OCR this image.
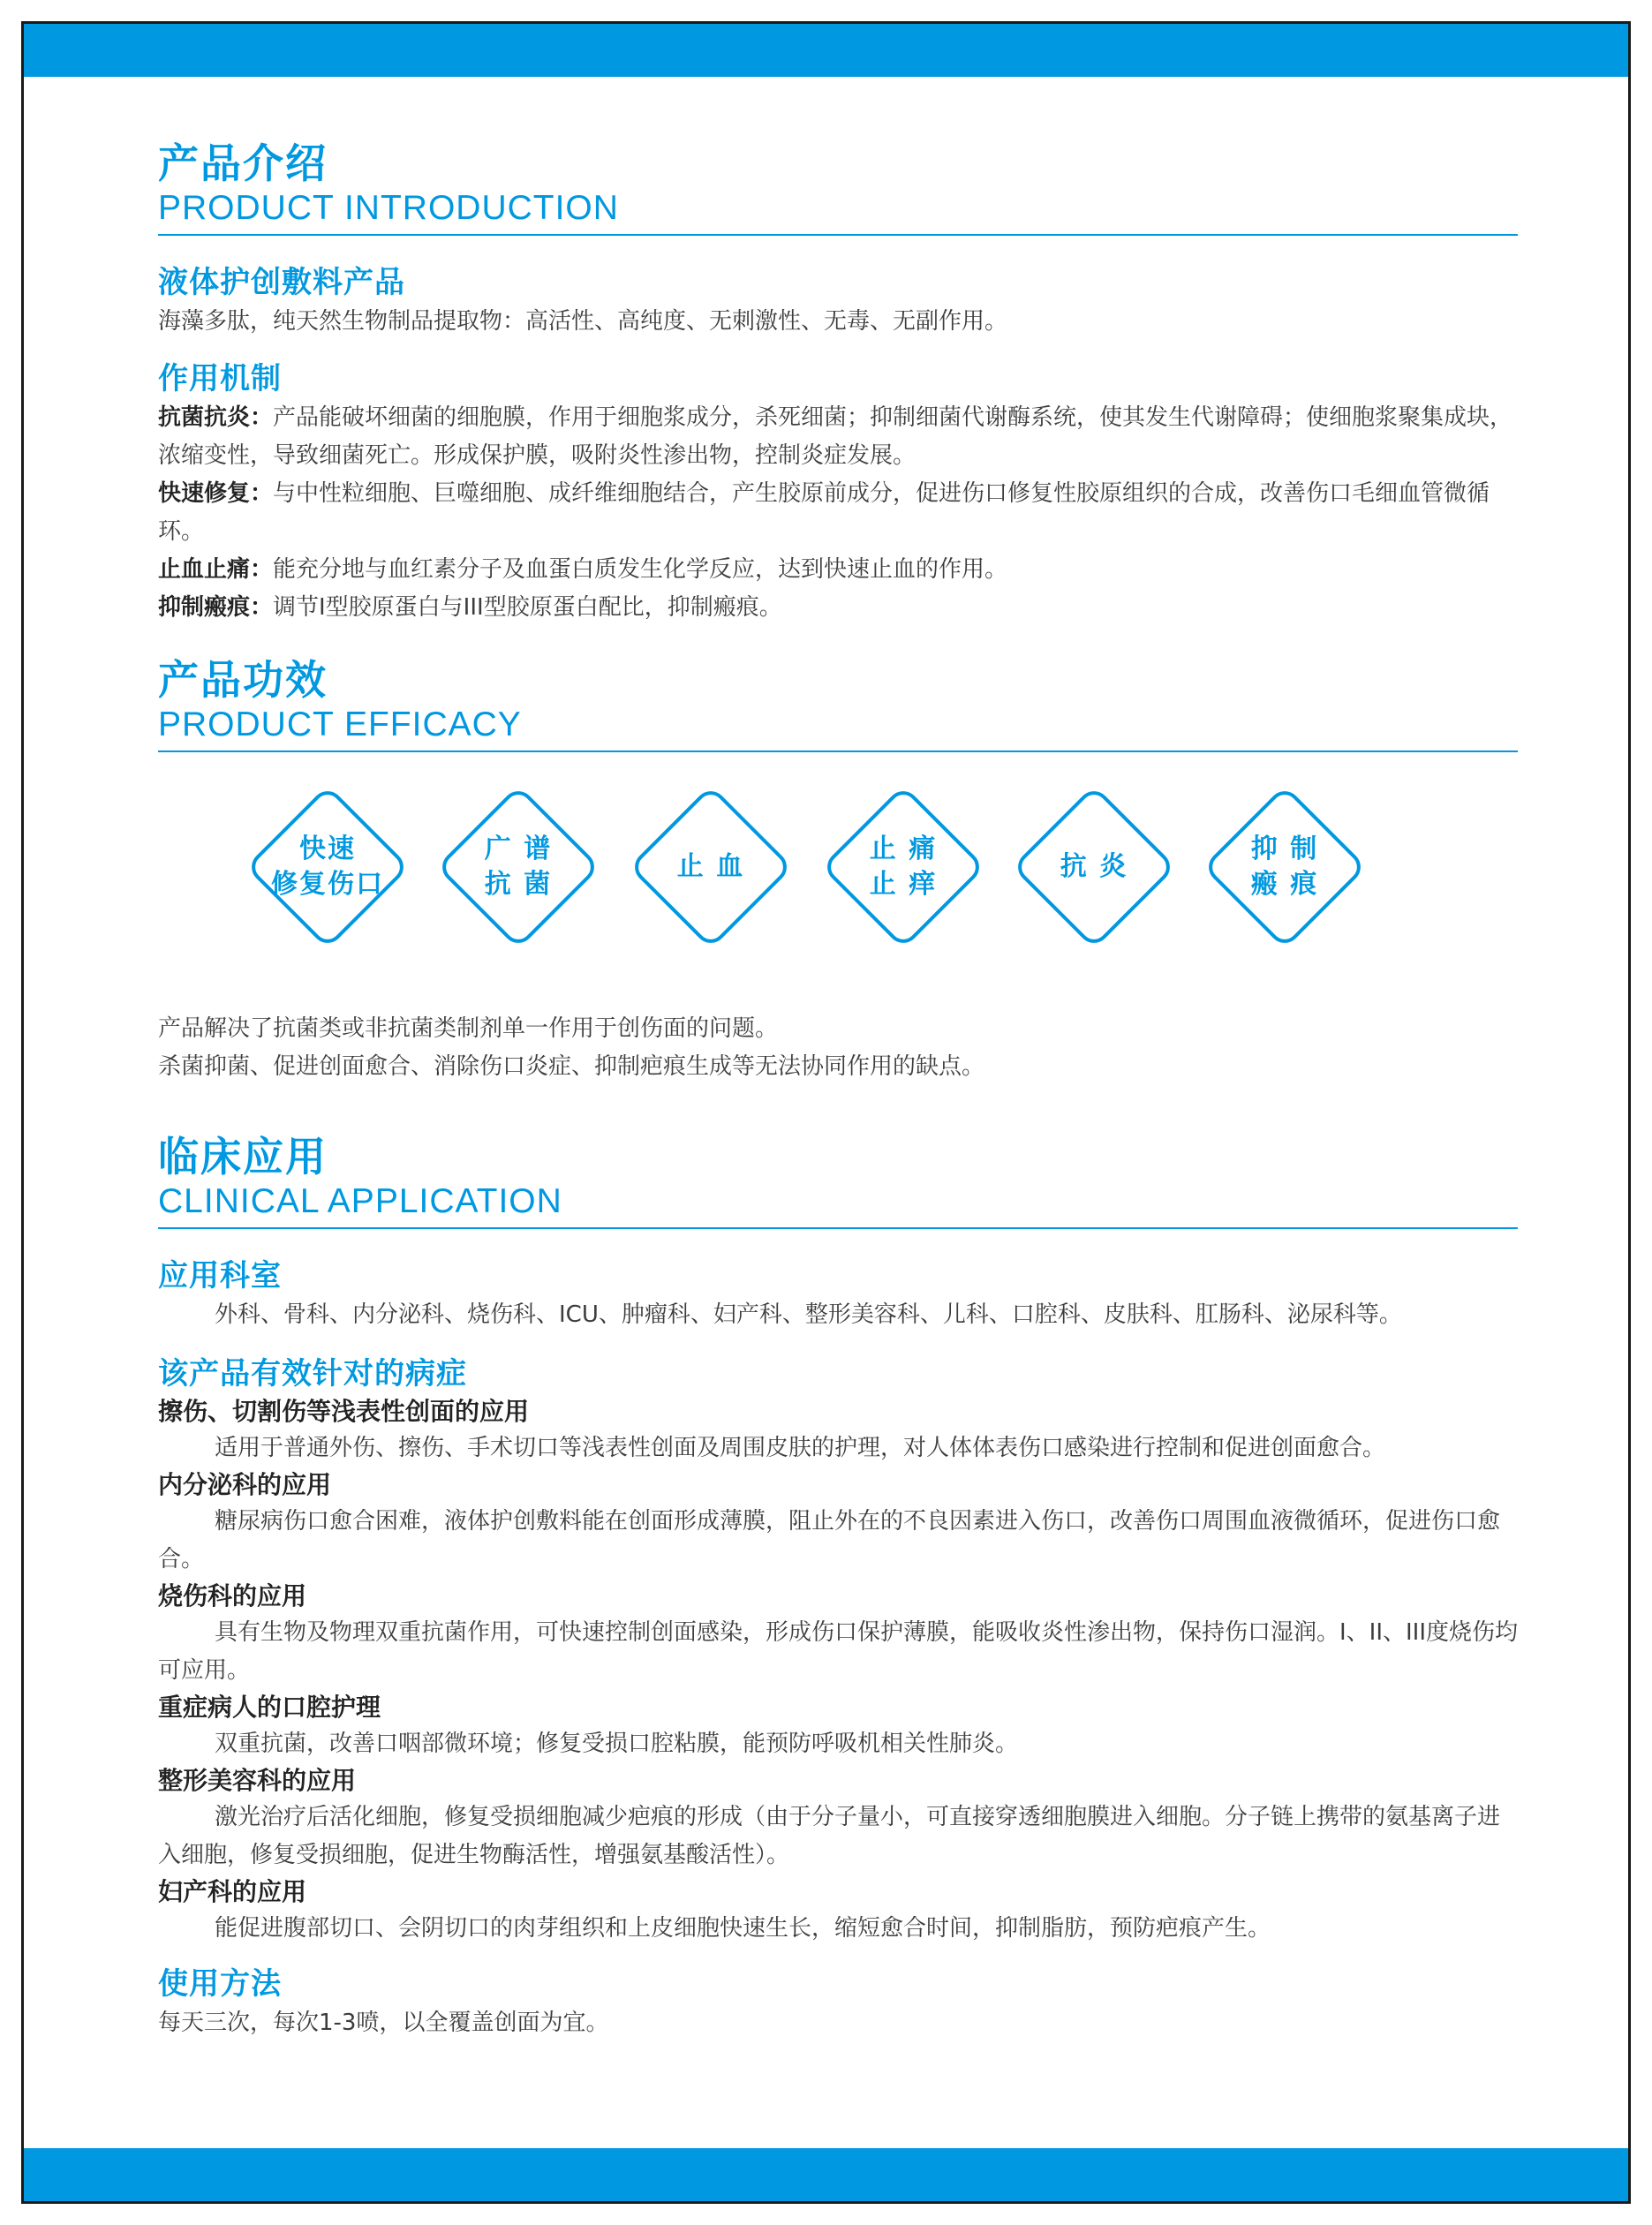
产品介绍
PRODUCT INTRODUCTION
液体护创敷料产品
海藻多肽，纯天然生物制品提取物：高活性、高纯度、无刺激性、无毒、无副作用。
作用机制
抗菌抗炎：产品能破坏细菌的细胞膜，作用于细胞浆成分，杀死细菌；抑制细菌代谢酶系统，使其发生代谢障碍；使细胞浆聚集成块，浓缩变性，导致细菌死亡。形成保护膜，吸附炎性渗出物，控制炎症发展。
快速修复：与中性粒细胞、巨噬细胞、成纤维细胞结合，产生胶原前成分，促进伤口修复性胶原组织的合成，改善伤口毛细血管微循环。
止血止痛：能充分地与血红素分子及血蛋白质发生化学反应，达到快速止血的作用。
抑制瘢痕：调节I型胶原蛋白与III型胶原蛋白配比，抑制瘢痕。
产品功效
PRODUCT EFFICACY
快速
修复伤口
广 谱
抗 菌
止 血
止 痛
止 痒
抗 炎
抑 制
瘢 痕
产品解决了抗菌类或非抗菌类制剂单一作用于创伤面的问题。
杀菌抑菌、促进创面愈合、消除伤口炎症、抑制疤痕生成等无法协同作用的缺点。
临床应用
CLINICAL APPLICATION
应用科室
外科、骨科、内分泌科、烧伤科、ICU、肿瘤科、妇产科、整形美容科、儿科、口腔科、皮肤科、肛肠科、泌尿科等。
该产品有效针对的病症
擦伤、切割伤等浅表性创面的应用
适用于普通外伤、擦伤、手术切口等浅表性创面及周围皮肤的护理，对人体体表伤口感染进行控制和促进创面愈合。
内分泌科的应用
糖尿病伤口愈合困难，液体护创敷料能在创面形成薄膜，阻止外在的不良因素进入伤口，改善伤口周围血液微循环，促进伤口愈合。
烧伤科的应用
具有生物及物理双重抗菌作用，可快速控制创面感染，形成伤口保护薄膜，能吸收炎性渗出物，保持伤口湿润。I、II、III度烧伤均可应用。
重症病人的口腔护理
双重抗菌，改善口咽部微环境；修复受损口腔粘膜，能预防呼吸机相关性肺炎。
整形美容科的应用
激光治疗后活化细胞，修复受损细胞减少疤痕的形成（由于分子量小，可直接穿透细胞膜进入细胞。分子链上携带的氨基离子进入细胞，修复受损细胞，促进生物酶活性，增强氨基酸活性）。
妇产科的应用
能促进腹部切口、会阴切口的肉芽组织和上皮细胞快速生长，缩短愈合时间，抑制脂肪，预防疤痕产生。
使用方法
每天三次，每次1-3喷，以全覆盖创面为宜。
